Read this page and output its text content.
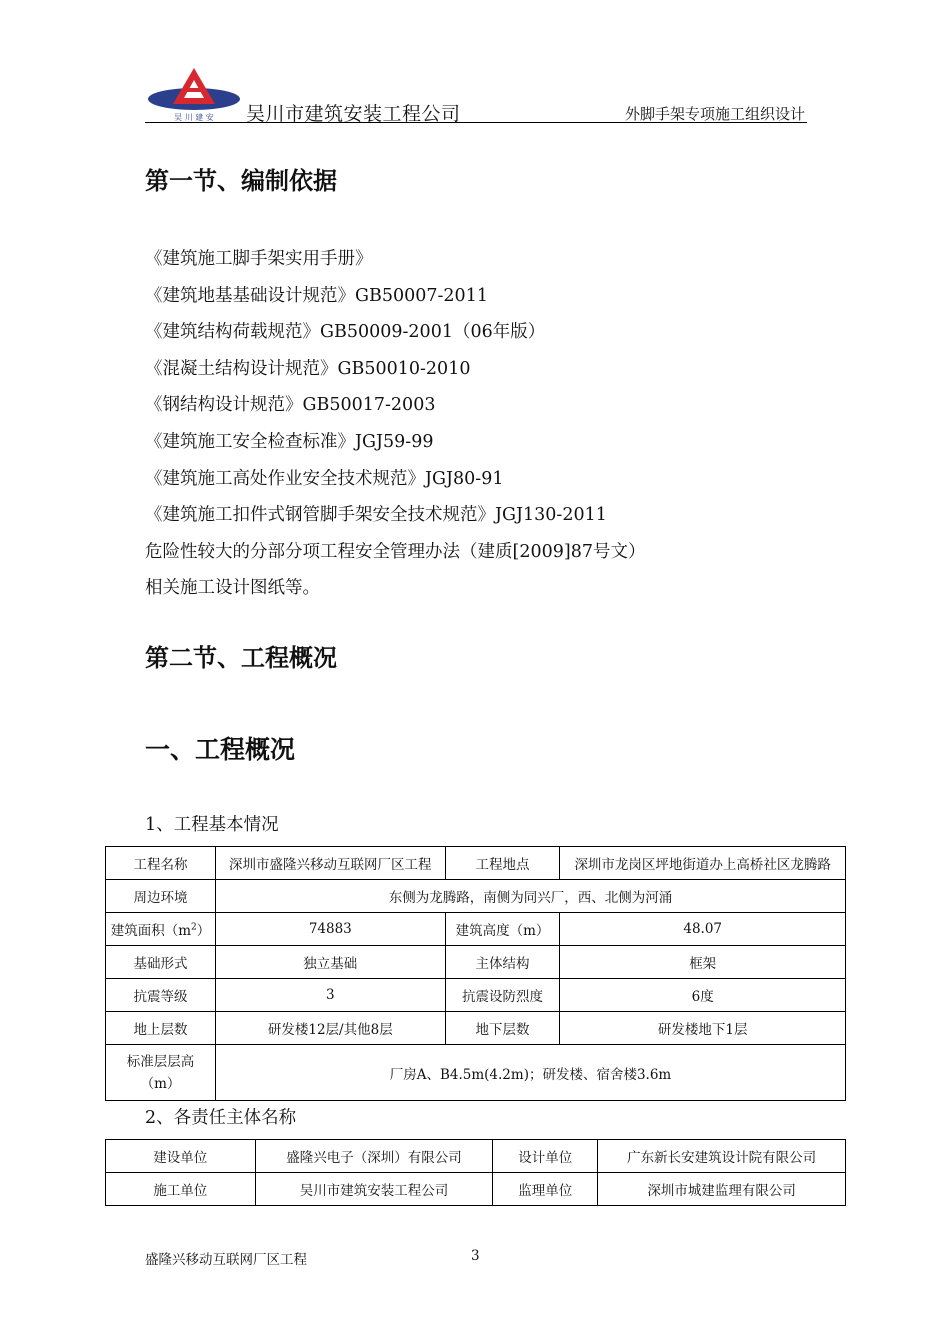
吴 川 建 安 吴川市建筑安装工程公司	外脚手架专项施工组织设计
第一节、编制依据
《建筑施工脚手架实用手册》
《建筑地基基础设计规范》GB50007-2011
《建筑结构荷载规范》GB50009-2001（06年版）
《混凝土结构设计规范》GB50010-2010
《钢结构设计规范》GB50017-2003
《建筑施工安全检查标准》JGJ59-99
《建筑施工高处作业安全技术规范》JGJ80-91
《建筑施工扣件式钢管脚手架安全技术规范》JGJ130-2011
危险性较大的分部分项工程安全管理办法（建质[2009]87号文）
相关施工设计图纸等。
第二节、工程概况
一、工程概况
1、工程基本情况
工程名称	深圳市盛隆兴移动互联网厂区工程	工程地点	深圳市龙岗区坪地街道办上高桥社区龙腾路
周边环境	东侧为龙腾路，南侧为同兴厂，西、北侧为河涌		
建筑面积$(m^2)$	74883	建筑高度（m）	48.07
基础形式	独立基础	主体结构	框架
抗震等级	3	抗震设防烈度	6度
地上层数	研发楼12层/其他8层	地下层数	研发楼地下1层

标准层层高
（m）	厂房A、B4.5m(4.2m)；研发楼、宿舍楼3.6m		
2、各责任主体名称
建设单位	盛隆兴电子（深圳）有限公司	设计单位	广东新长安建筑设计院有限公司
施工单位	吴川市建筑安装工程公司	监理单位	深圳市城建监理有限公司
盛隆兴移动互联网厂区工程	3
